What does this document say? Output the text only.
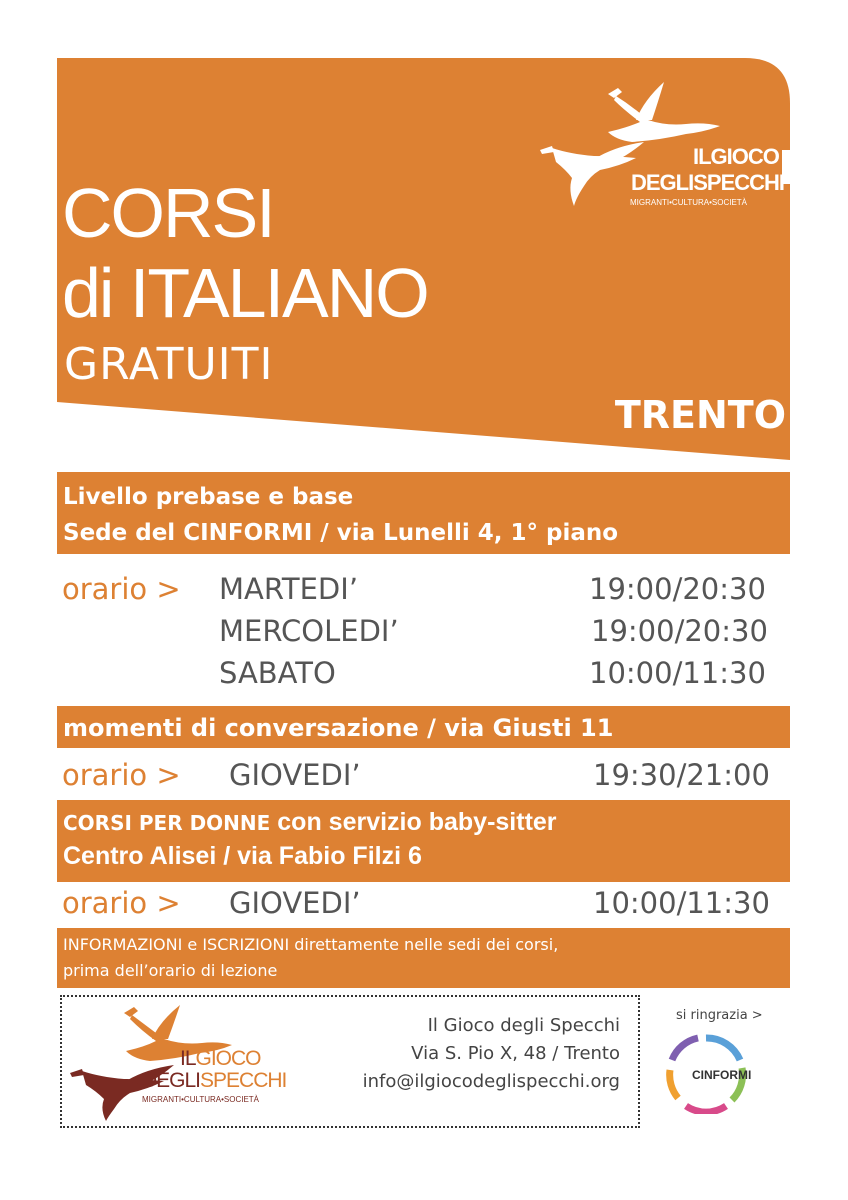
ILGIOCO
DEGLISPECCHI
MIGRANTI•CULTURA•SOCIETÀ
CORSI
di ITALIANO
GRATUITI
TRENTO
Livello prebase e base
Sede del CINFORMI / via Lunelli 4, 1° piano
orario > MARTEDI’	19:00/20:30
MERCOLEDI’	19:00/20:30
SABATO	10:00/11:30
momenti di conversazione / via Giusti 11
orario > GIOVEDI’	19:30/21:00
CORSI PER DONNE con servizio baby-sitter
Centro Alisei / via Fabio Filzi 6
orario > GIOVEDI’	10:00/11:30
INFORMAZIONI e ISCRIZIONI direttamente nelle sedi dei corsi,
prima dell’orario di lezione
ILGIOCO
DEGLISPECCHI
MIGRANTI•CULTURA•SOCIETÀ
Il Gioco degli Specchi
Via S. Pio X, 48 / Trento
info@ilgiocodeglispecchi.org
si ringrazia >
CINFORMI
